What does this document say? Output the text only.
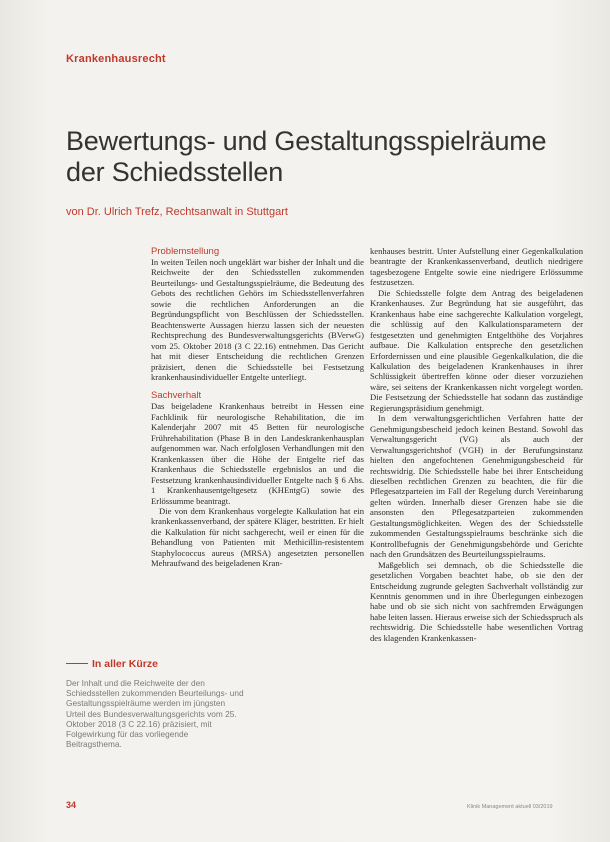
Krankenhausrecht
Bewertungs- und Gestaltungsspielräume
der Schiedsstellen
von Dr. Ulrich Trefz, Rechtsanwalt in Stuttgart
Problemstellung

In weiten Teilen noch ungeklärt war bisher der Inhalt und die Reichweite der den Schiedsstellen zukommenden Beurteilungs- und Gestaltungsspielräume, die Bedeutung des Gebots des rechtlichen Gehörs im Schiedsstellenverfahren sowie die rechtlichen Anforderungen an die Begründungspflicht von Beschlüssen der Schiedsstellen. Beachtenswerte Aussagen hierzu lassen sich der neuesten Rechtsprechung des Bundesverwaltungsgerichts (BVerwG) vom 25. Oktober 2018 (3 C 22.16) entnehmen. Das Gericht hat mit dieser Entscheidung die rechtlichen Grenzen präzisiert, denen die Schiedsstelle bei Festsetzung krankenhausindividueller Entgelte unterliegt.

Sachverhalt

Das beigeladene Krankenhaus betreibt in Hessen eine Fachklinik für neurologische Rehabilitation, die im Kalenderjahr 2007 mit 45 Betten für neurologische Frührehabilitation (Phase B in den Landeskrankenhausplan aufgenommen war. Nach erfolglosen Verhandlungen mit den Krankenkassen über die Höhe der Entgelte rief das Krankenhaus die Schiedsstelle ergebnislos an und die Festsetzung krankenhausindividueller Entgelte nach § 6 Abs. 1 Krankenhausentgeltgesetz (KHEntgG) sowie des Erlössumme beantragt.

Die von dem Krankenhaus vorgelegte Kalkulation hat ein krankenkassenverband, der spätere Kläger, bestritten. Er hielt die Kalkulation für nicht sachgerecht, weil er einen für die Behandlung von Patienten mit Methicillin-resistentem Staphylococcus aureus (MRSA) angesetzten personellen Mehraufwand des beigeladenen Kran-

kenhauses bestritt. Unter Aufstellung einer Gegenkalkulation beantragte der Krankenkassenverband, deutlich niedrigere tagesbezogene Entgelte sowie eine niedrigere Erlössumme festzusetzen.

Die Schiedsstelle folgte dem Antrag des beigeladenen Krankenhauses. Zur Begründung hat sie ausgeführt, das Krankenhaus habe eine sachgerechte Kalkulation vorgelegt, die schlüssig auf den Kalkulationsparametern der festgesetzten und genehmigten Entgelthöhe des Vorjahres aufbaue. Die Kalkulation entspreche den gesetzlichen Erfordernissen und eine plausible Gegenkalkulation, die die Kalkulation des beigeladenen Krankenhauses in ihrer Schlüssigkeit übertreffen könne oder dieser vorzuziehen wäre, sei seitens der Krankenkassen nicht vorgelegt worden. Die Festsetzung der Schiedsstelle hat sodann das zuständige Regierungspräsidium genehmigt.

In dem verwaltungsgerichtlichen Verfahren hatte der Genehmigungsbescheid jedoch keinen Bestand. Sowohl das Verwaltungsgericht (VG) als auch der Verwaltungsgerichtshof (VGH) in der Berufungsinstanz hielten den angefochtenen Genehmigungsbescheid für rechtswidrig. Die Schiedsstelle habe bei ihrer Entscheidung dieselben rechtlichen Grenzen zu beachten, die für die Pflegesatzparteien im Fall der Regelung durch Vereinbarung gelten würden. Innerhalb dieser Grenzen habe sie die ansonsten den Pflegesatzparteien zukommenden Gestaltungsmöglichkeiten. Wegen des der Schiedsstelle zukommenden Gestaltungsspielraums beschränke sich die Kontrollbefugnis der Genehmigungsbehörde und Gerichte nach den Grundsätzen des Beurteilungsspielraums.

Maßgeblich sei demnach, ob die Schiedsstelle die gesetzlichen Vorgaben beachtet habe, ob sie den der Entscheidung zugrunde gelegten Sachverhalt vollständig zur Kenntnis genommen und in ihre Überlegungen einbezogen habe und ob sie sich nicht von sachfremden Erwägungen habe leiten lassen. Hieraus erweise sich der Schiedsspruch als rechtswidrig. Die Schiedsstelle habe wesentlichen Vortrag des klagenden Krankenkassen-

In aller Kürze
Der Inhalt und die Reichweite der den Schiedsstellen zukommenden Beurteilungs- und Gestaltungsspielräume werden im jüngsten Urteil des Bundesverwaltungsgerichts vom 25. Oktober 2018 (3 C 22.16) präzisiert, mit Folgewirkung für das vorliegende Beitragsthema.
34	Klinik Management aktuell 03/2019
